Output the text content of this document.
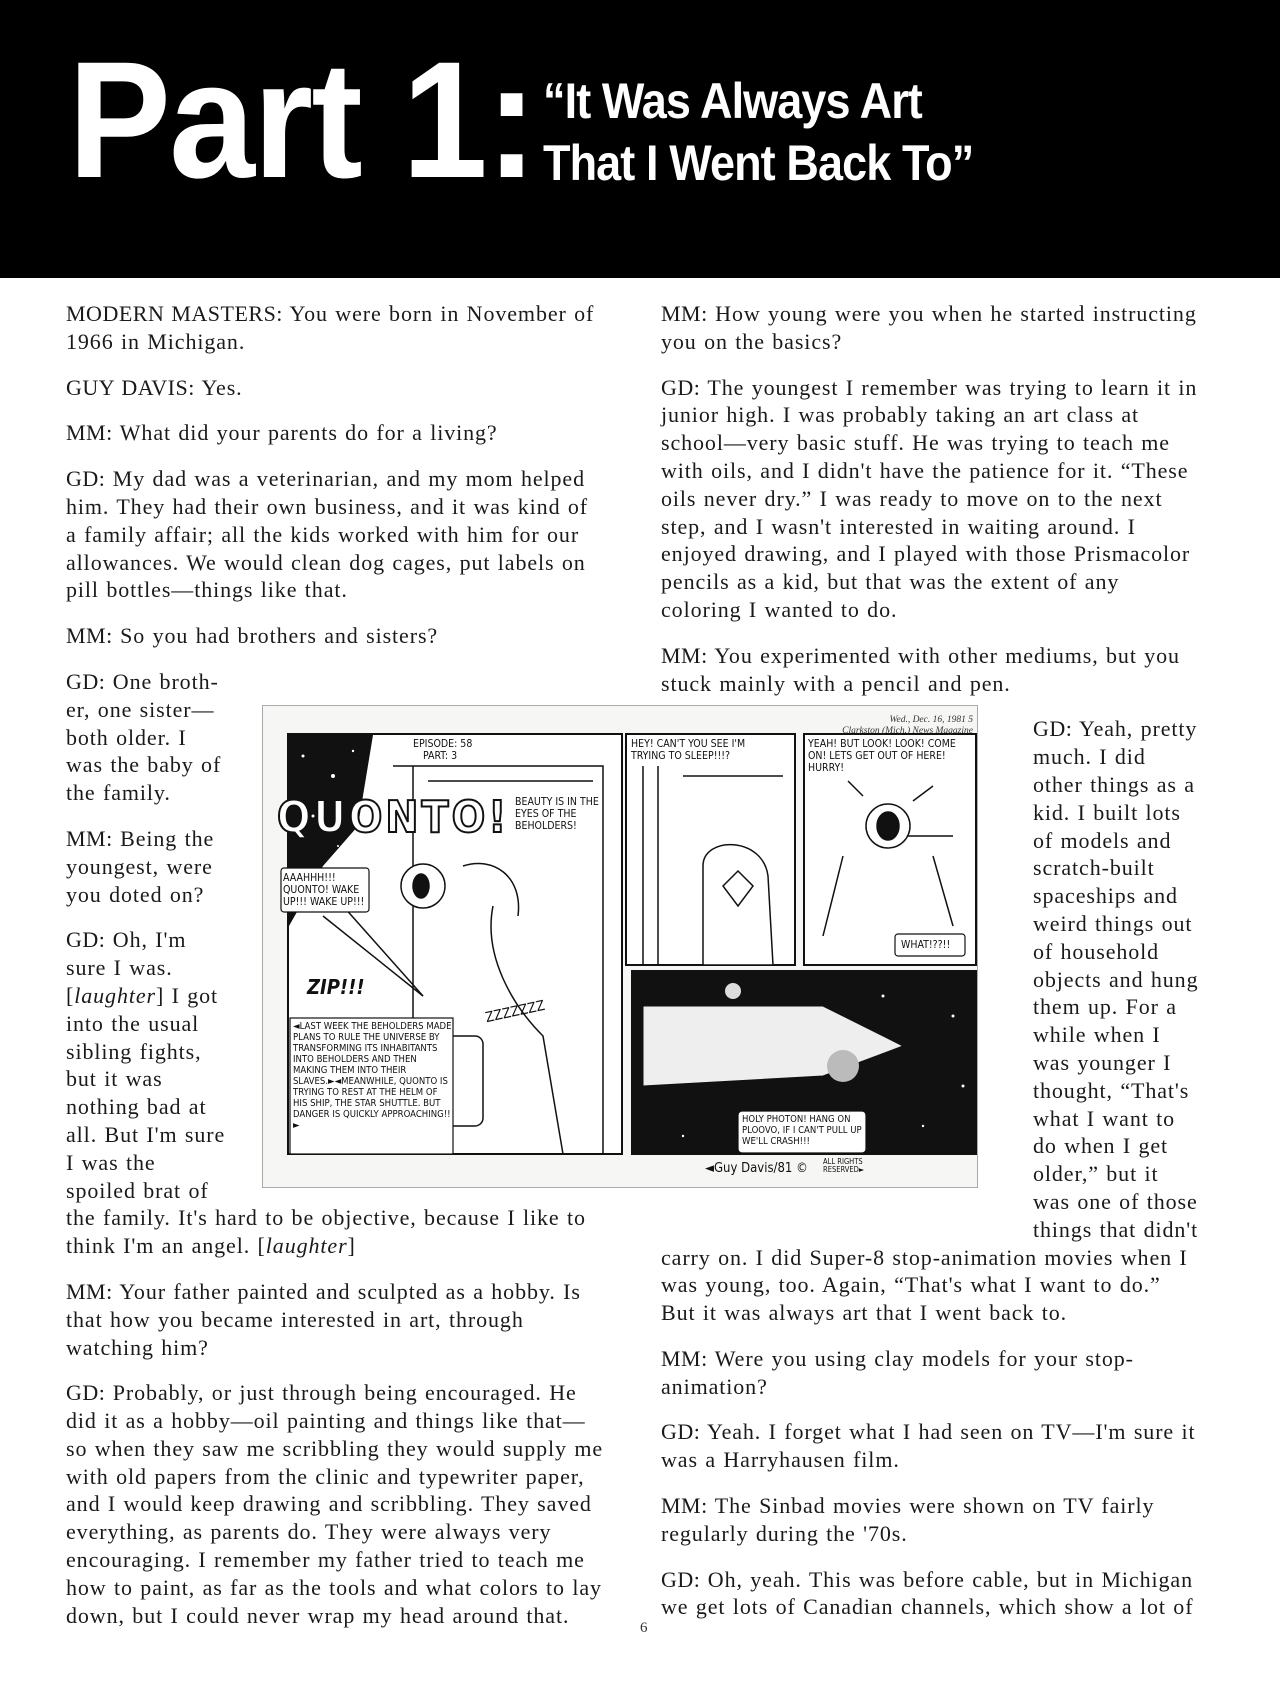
Part 1: “It Was Always Art
That I Went Back To”

MODERN MASTERS: You were born in November of 1966 in Michigan.

GUY DAVIS: Yes.

MM: What did your parents do for a living?

GD: My dad was a veterinarian, and my mom helped him. They had their own business, and it was kind of a family affair; all the kids worked with him for our allowances. We would clean dog cages, put labels on pill bottles—things like that.

MM: So you had brothers and sisters?

GD: One brother, one sister—both older. I was the baby of the family.

MM: Being the youngest, were you doted on?

GD: Oh, I'm sure I was. [laughter] I got into the usual sibling fights, but it was nothing bad at all. But I'm sure I was the spoiled brat of the family. It's hard to be objective, because I like to think I'm an angel. [laughter]

MM: Your father painted and sculpted as a hobby. Is that how you became interested in art, through watching him?

GD: Probably, or just through being encouraged. He did it as a hobby—oil painting and things like that—so when they saw me scribbling they would supply me with old papers from the clinic and typewriter paper, and I would keep drawing and scribbling. They saved everything, as parents do. They were always very encouraging. I remember my father tried to teach me how to paint, as far as the tools and what colors to lay down, but I could never wrap my head around that.

MM: How young were you when he started instructing you on the basics?

GD: The youngest I remember was trying to learn it in junior high. I was probably taking an art class at school—very basic stuff. He was trying to teach me with oils, and I didn't have the patience for it. “These oils never dry.” I was ready to move on to the next step, and I wasn't interested in waiting around. I enjoyed drawing, and I played with those Prismacolor pencils as a kid, but that was the extent of any coloring I wanted to do.

MM: You experimented with other mediums, but you stuck mainly with a pencil and pen.

GD: Yeah, pretty much. I did other things as a kid. I built lots of models and scratch-built spaceships and weird things out of household objects and hung them up. For a while when I was younger I thought, “That's what I want to do when I get older,” but it was one of those things that didn't carry on. I did Super-8 stop-animation movies when I was young, too. Again, “That's what I want to do.” But it was always art that I went back to.

MM: Were you using clay models for your stop-animation?

GD: Yeah. I forget what I had seen on TV—I'm sure it was a Harryhausen film.

MM: The Sinbad movies were shown on TV fairly regularly during the '70s.

GD: Oh, yeah. This was before cable, but in Michigan we get lots of Canadian channels, which show a lot of

Wed., Dec. 16, 1981 5
Clarkston (Mich.) News Magazine
EPISODE: 58
PART: 3
QUONTO! BEAUTY IS IN THE EYES OF THE BEHOLDERS!
AAAHHH!!! QUONTO! WAKE UP!!! WAKE UP!!!
ZIP!!!
ZZZZZZZ
◄LAST WEEK THE BEHOLDERS MADE PLANS TO RULE THE UNIVERSE BY TRANSFORMING ITS INHABITANTS INTO BEHOLDERS AND THEN MAKING THEM INTO THEIR SLAVES.►◄MEANWHILE, QUONTO IS TRYING TO REST AT THE HELM OF HIS SHIP, THE STAR SHUTTLE. BUT DANGER IS QUICKLY APPROACHING!!►
HEY! CAN'T YOU SEE I'M TRYING TO SLEEP!!!?
YEAH! BUT LOOK! LOOK! COME ON! LETS GET OUT OF HERE! HURRY!
WHAT!??!!
HOLY PHOTON! HANG ON PLOOVO, IF I CAN'T PULL UP WE'LL CRASH!!!
◄Guy Davis/81 © ALL RIGHTS RESERVED►
6
